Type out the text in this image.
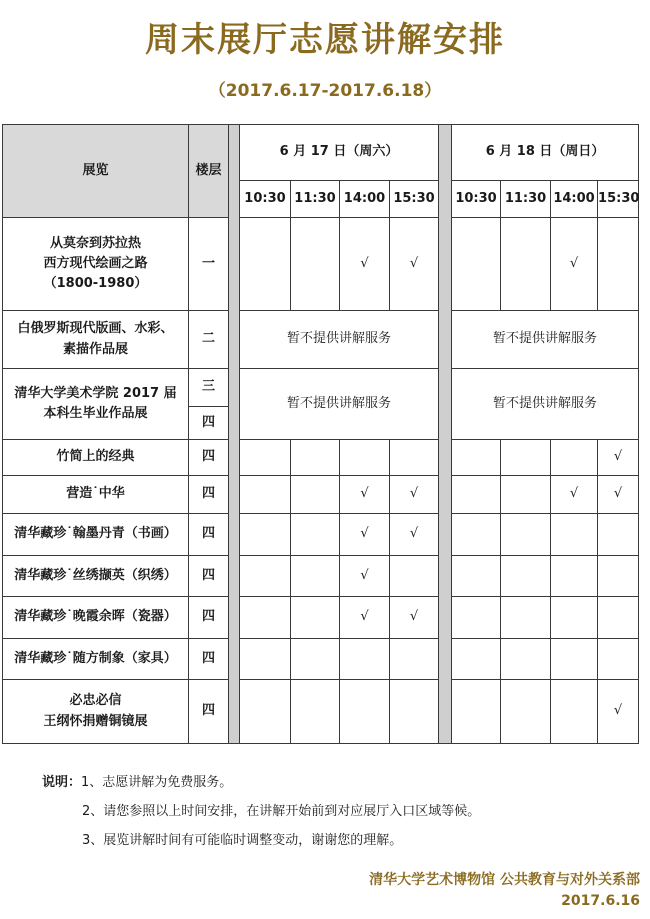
周末展厅志愿讲解安排
（2017.6.17-2017.6.18）
展览	楼层		6 月 17 日（周六）					6 月 18 日（周日）			
			10:30	11:30	14:00	15:30		10:30	11:30	14:00	15:30

从莫奈到苏拉热
西方现代绘画之路
（1800-1980）	一				√	√				√	

白俄罗斯现代版画、水彩、
素描作品展	二		暂不提供讲解服务					暂不提供讲解服务			

清华大学美术学院 2017 届
本科生毕业作品展	三		暂不提供讲解服务					暂不提供讲解服务			
	四										

竹简上的经典	四										√

营造˙中华	四				√	√				√	√

清华藏珍˙翰墨丹青（书画）	四				√	√					

清华藏珍˙丝绣撷英（织绣）	四				√						

清华藏珍˙晚霞余晖（瓷器）	四				√	√					

清华藏珍˙随方制象（家具）	四										

必忠必信
王纲怀捐赠铜镜展	四										√
说明：1、志愿讲解为免费服务。
2、请您参照以上时间安排，在讲解开始前到对应展厅入口区域等候。
3、展览讲解时间有可能临时调整变动，谢谢您的理解。
清华大学艺术博物馆 公共教育与对外关系部
2017.6.16
